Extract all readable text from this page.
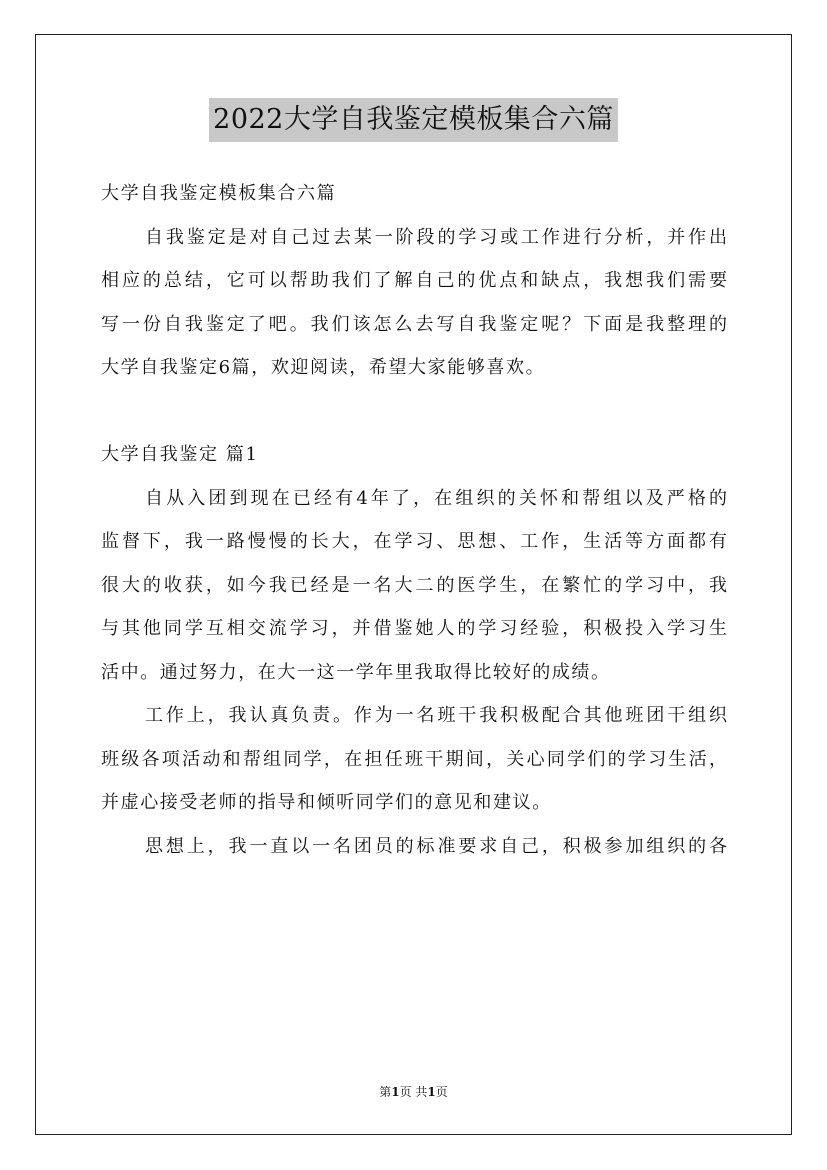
2022大学自我鉴定模板集合六篇
大学自我鉴定模板集合六篇
自我鉴定是对自己过去某一阶段的学习或工作进行分析，并作出
相应的总结，它可以帮助我们了解自己的优点和缺点，我想我们需要
写一份自我鉴定了吧。我们该怎么去写自我鉴定呢？下面是我整理的
大学自我鉴定6篇，欢迎阅读，希望大家能够喜欢。
大学自我鉴定 篇1
自从入团到现在已经有4年了，在组织的关怀和帮组以及严格的
监督下，我一路慢慢的长大，在学习、思想、工作，生活等方面都有
很大的收获，如今我已经是一名大二的医学生，在繁忙的学习中，我
与其他同学互相交流学习，并借鉴她人的学习经验，积极投入学习生
活中。通过努力，在大一这一学年里我取得比较好的成绩。
工作上，我认真负责。作为一名班干我积极配合其他班团干组织
班级各项活动和帮组同学，在担任班干期间，关心同学们的学习生活，
并虚心接受老师的指导和倾听同学们的意见和建议。
思想上，我一直以一名团员的标准要求自己，积极参加组织的各
第1页 共1页
